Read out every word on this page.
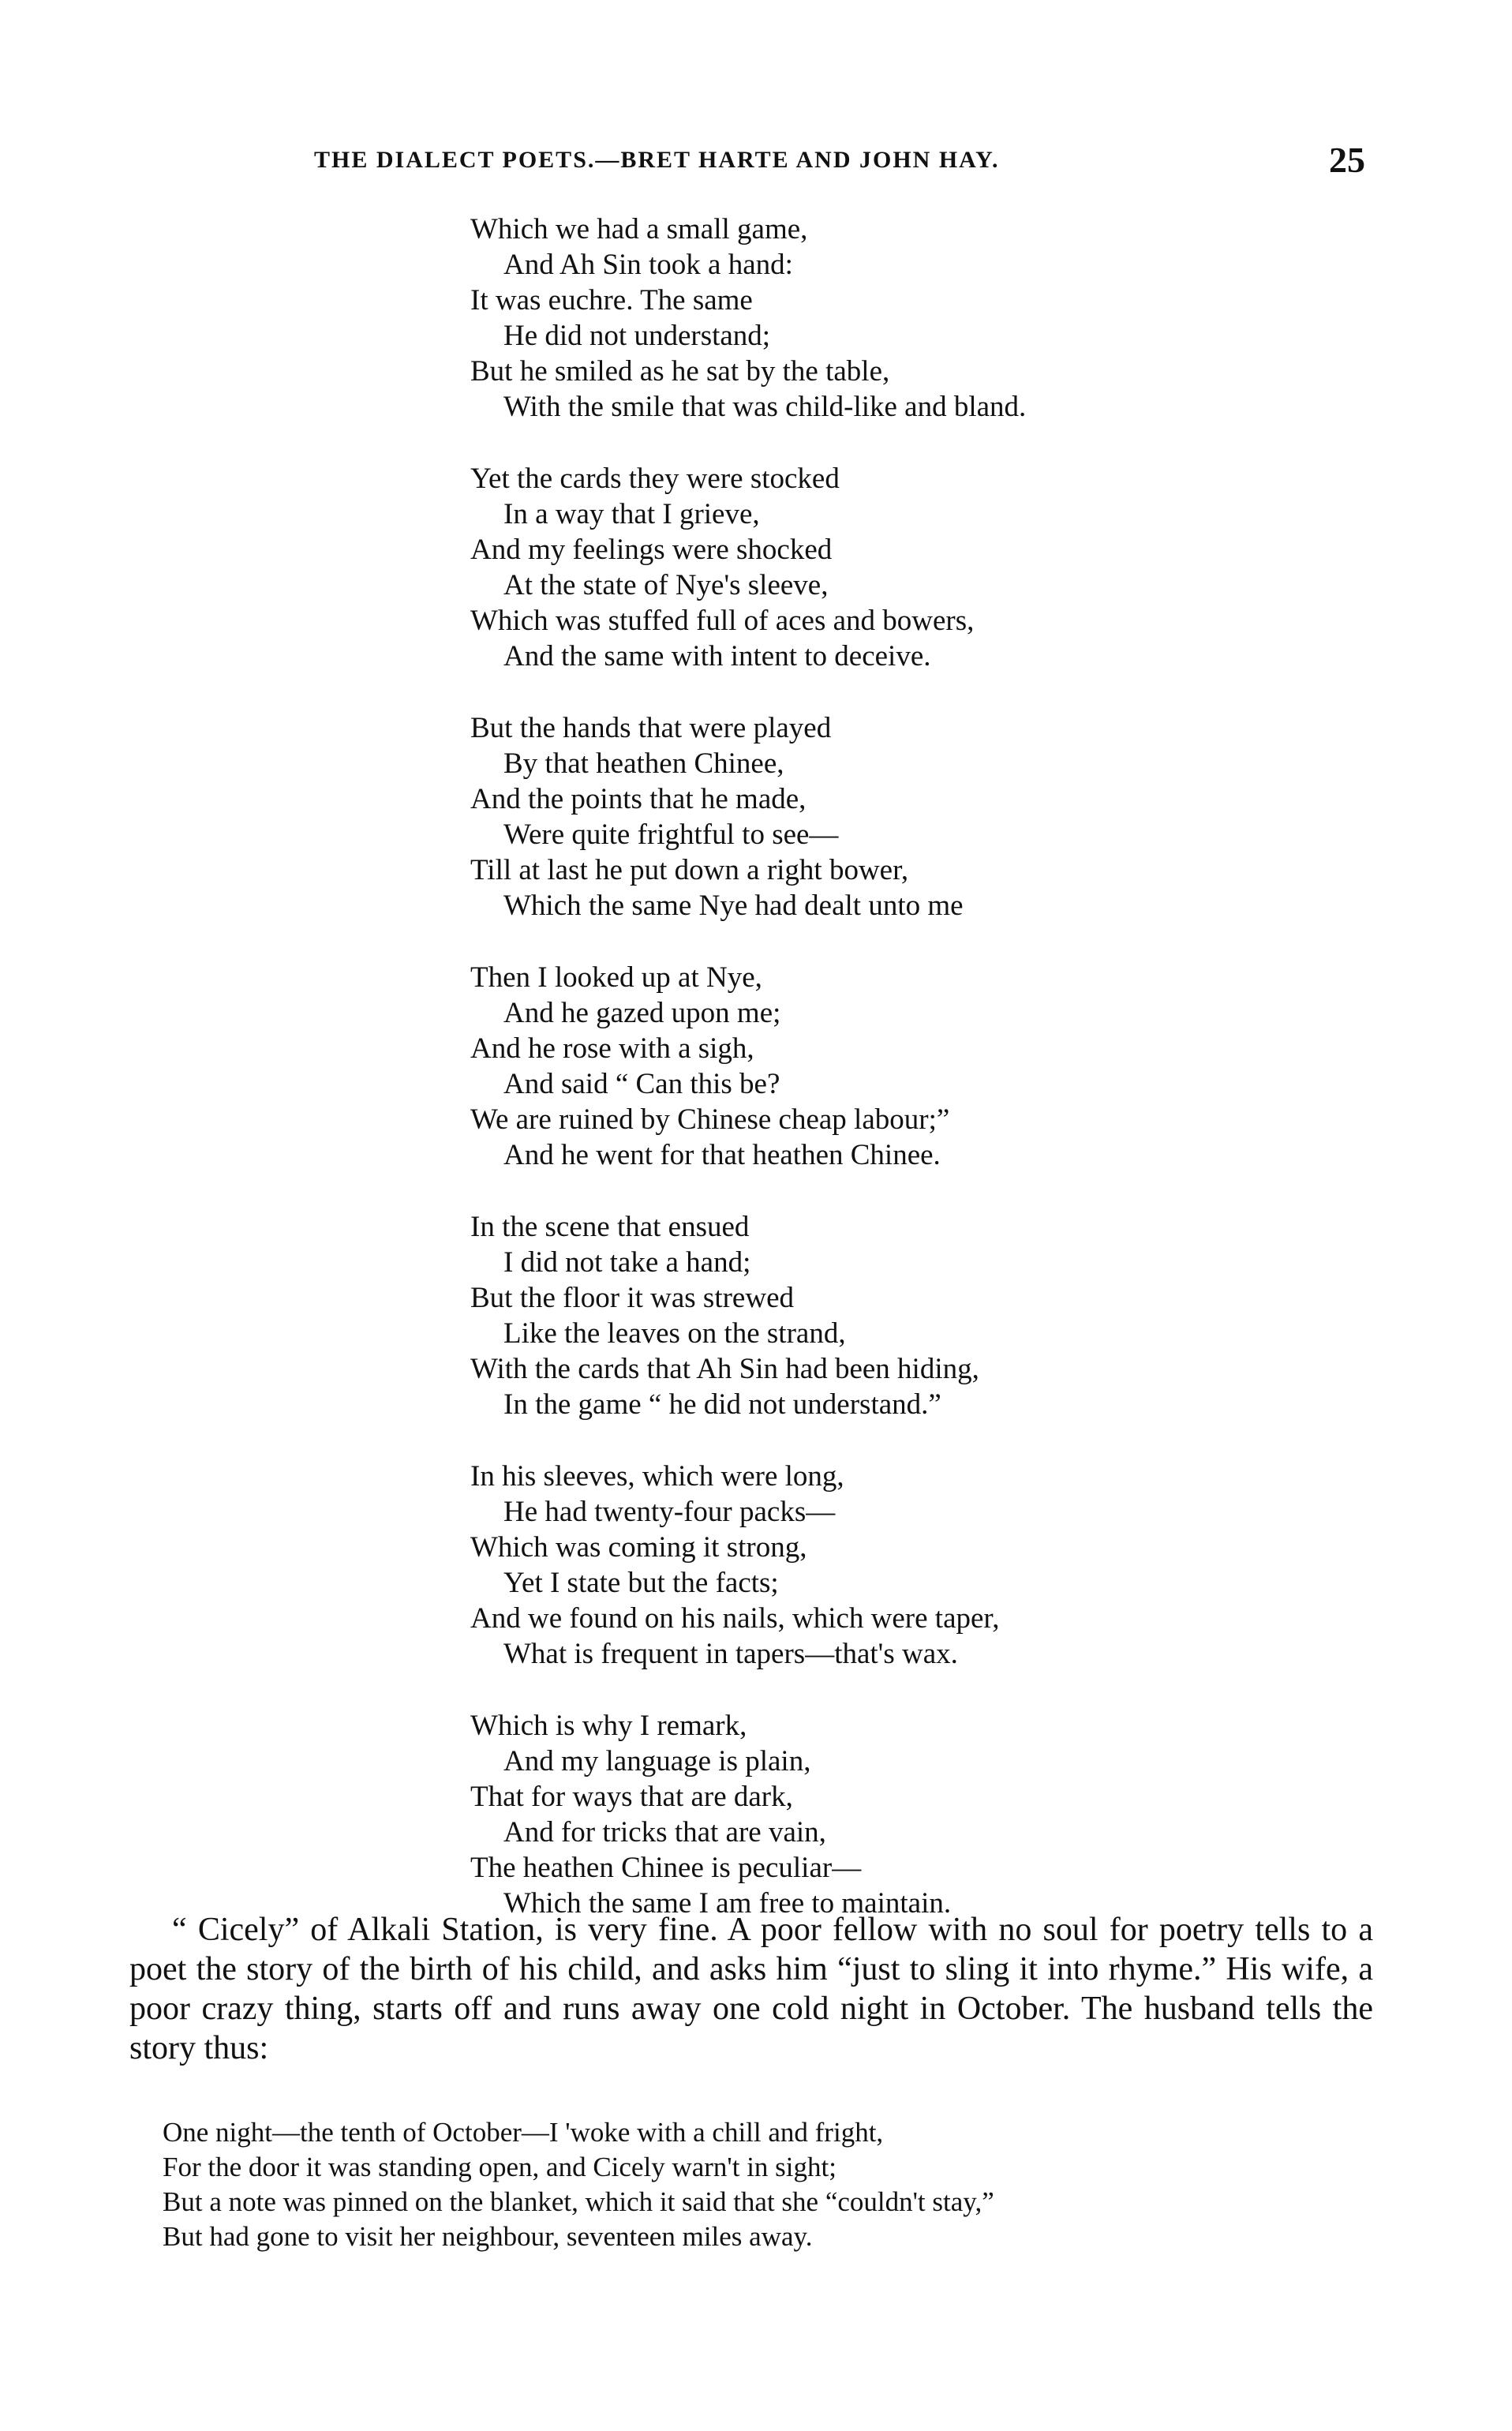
THE DIALECT POETS.—BRET HARTE AND JOHN HAY.	25
Which we had a small game,
And Ah Sin took a hand:
It was euchre. The same
He did not understand;
But he smiled as he sat by the table,
With the smile that was child-like and bland.
Yet the cards they were stocked
In a way that I grieve,
And my feelings were shocked
At the state of Nye's sleeve,
Which was stuffed full of aces and bowers,
And the same with intent to deceive.
But the hands that were played
By that heathen Chinee,
And the points that he made,
Were quite frightful to see—
Till at last he put down a right bower,
Which the same Nye had dealt unto me
Then I looked up at Nye,
And he gazed upon me;
And he rose with a sigh,
And said “ Can this be?
We are ruined by Chinese cheap labour;”
And he went for that heathen Chinee.
In the scene that ensued
I did not take a hand;
But the floor it was strewed
Like the leaves on the strand,
With the cards that Ah Sin had been hiding,
In the game “ he did not understand.”
In his sleeves, which were long,
He had twenty-four packs—
Which was coming it strong,
Yet I state but the facts;
And we found on his nails, which were taper,
What is frequent in tapers—that's wax.
Which is why I remark,
And my language is plain,
That for ways that are dark,
And for tricks that are vain,
The heathen Chinee is peculiar—
Which the same I am free to maintain.
“ Cicely” of Alkali Station, is very fine. A poor fellow with no soul for poetry tells to a poet the story of the birth of his child, and asks him “just to sling it into rhyme.” His wife, a poor crazy thing, starts off and runs away one cold night in October. The husband tells the story thus:
One night—the tenth of October—I 'woke with a chill and fright,
For the door it was standing open, and Cicely warn't in sight;
But a note was pinned on the blanket, which it said that she “couldn't stay,”
But had gone to visit her neighbour, seventeen miles away.
